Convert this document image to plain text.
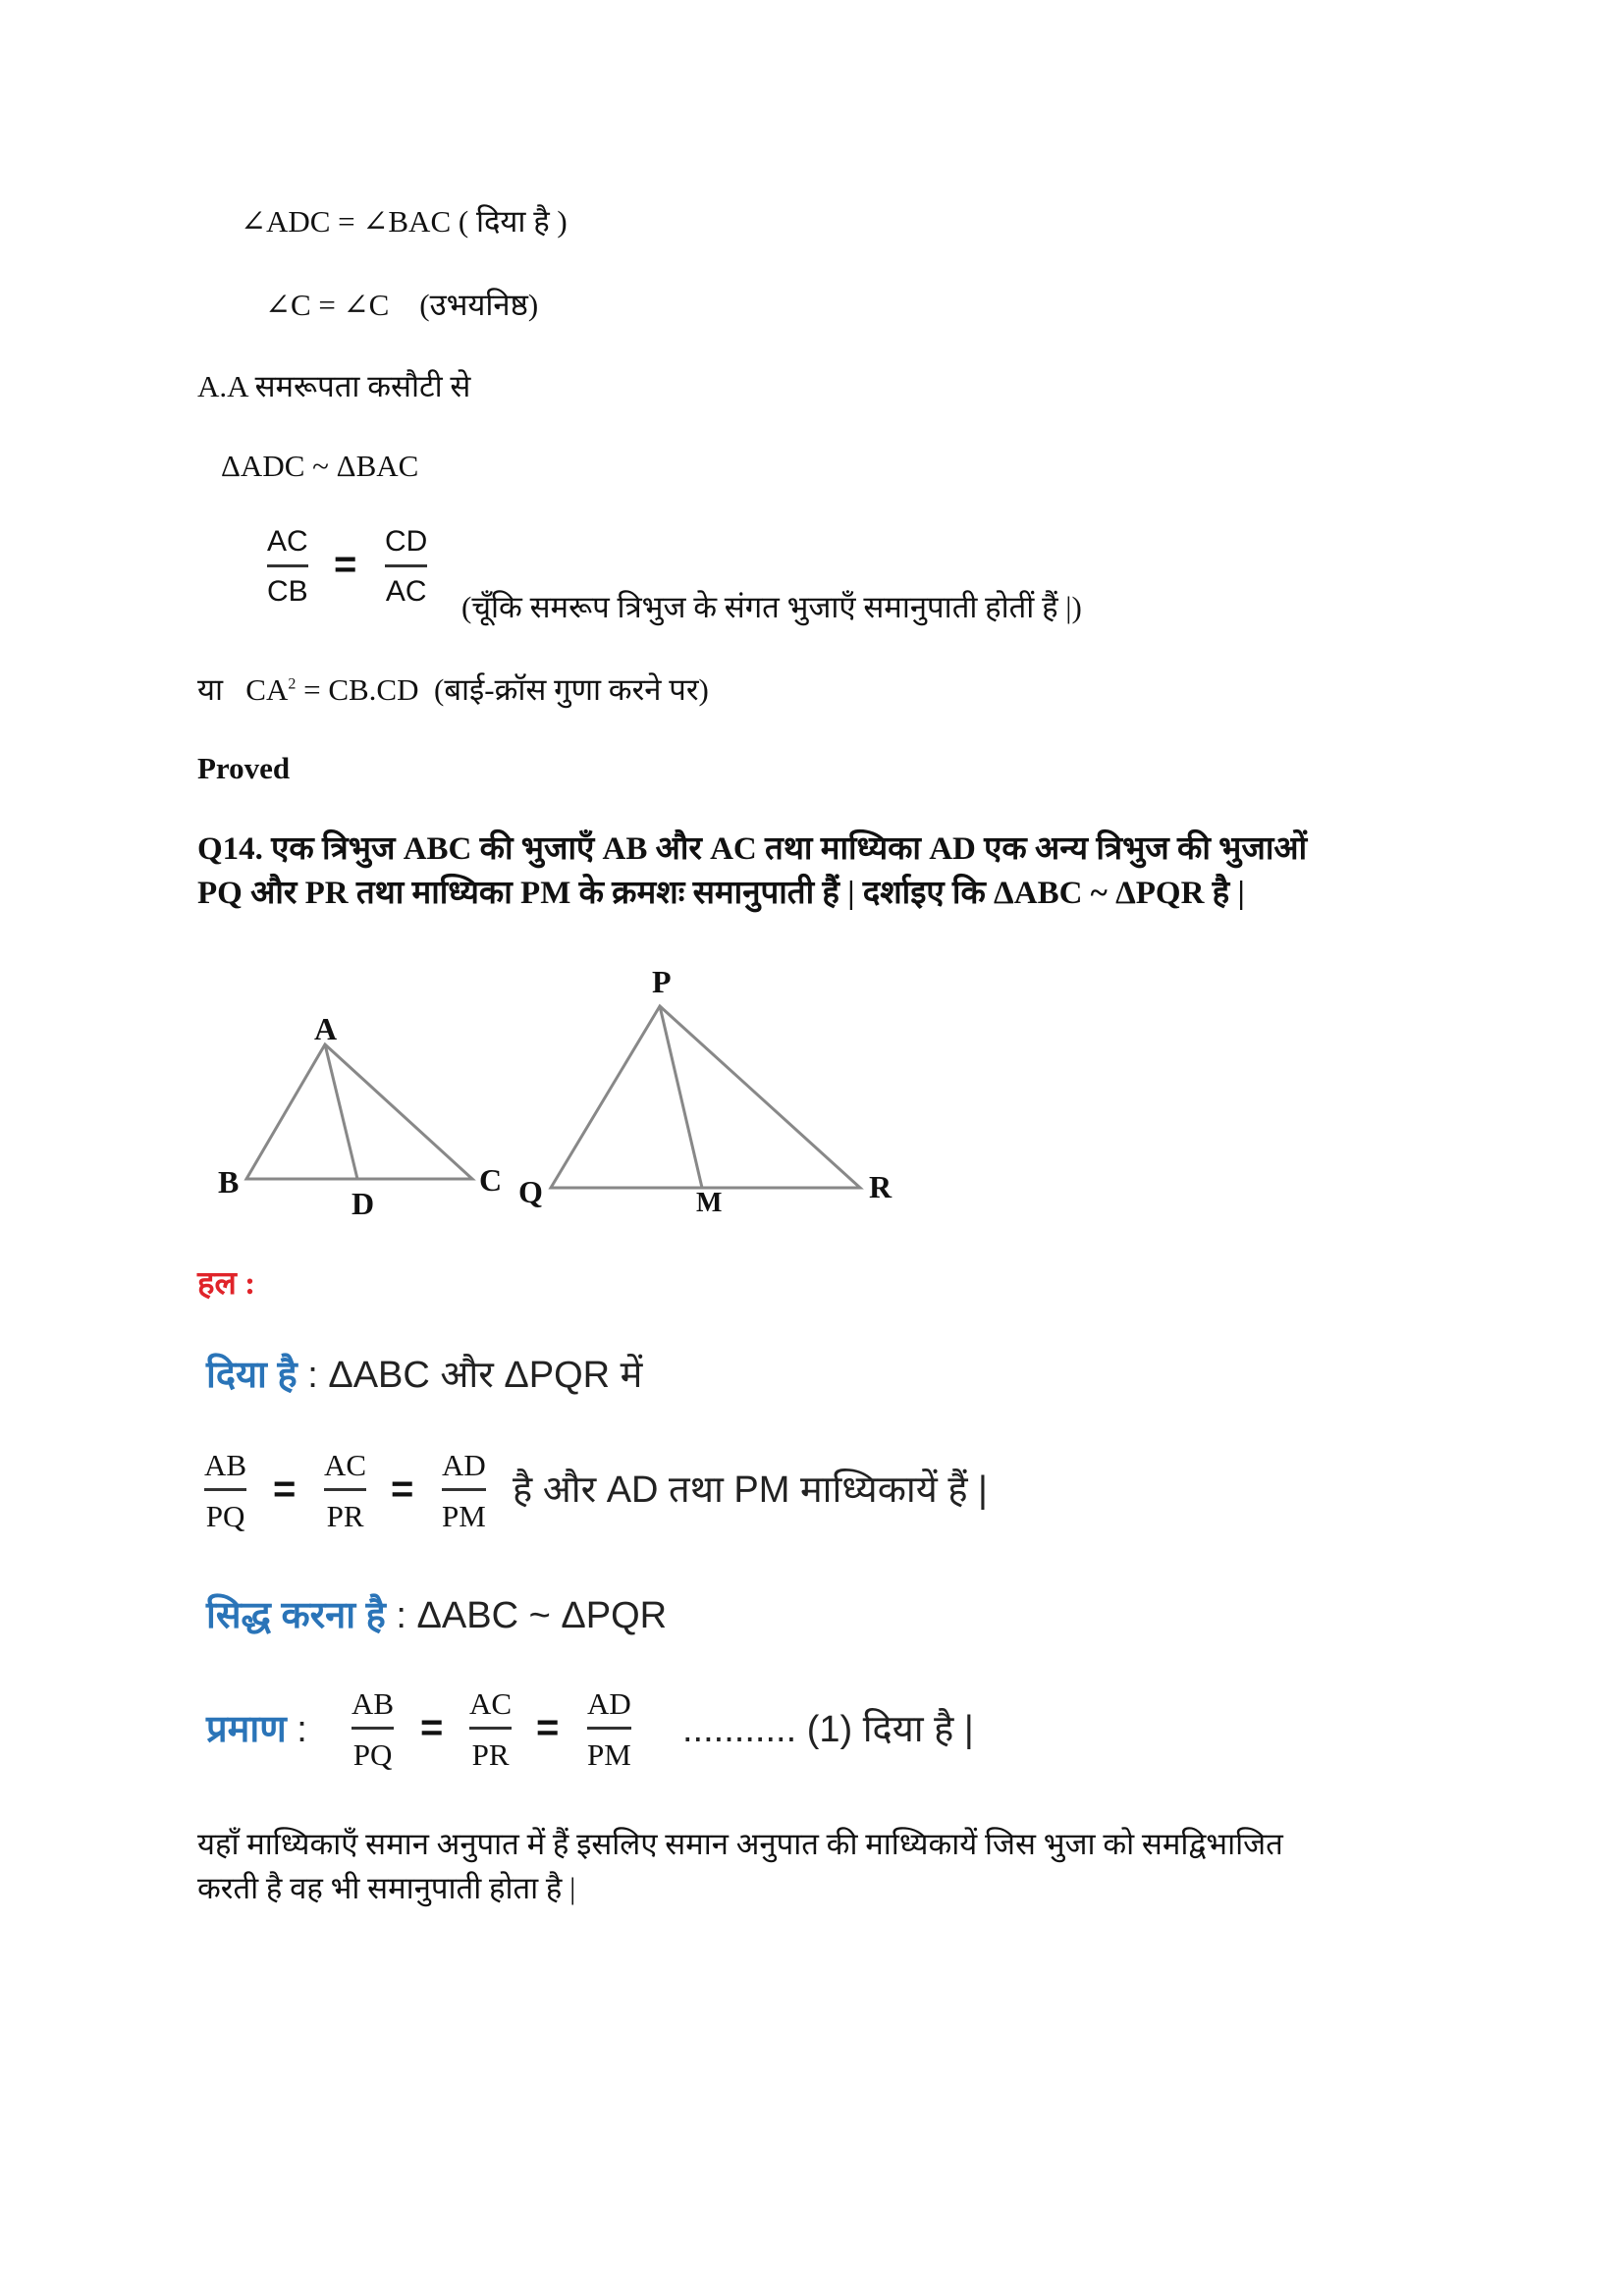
∠ADC = ∠BAC ( दिया है )
∠C = ∠C    (उभयनिष्ठ)
A.A समरूपता कसौटी से
ΔADC ~ ΔBAC
$\frac{AC}{CB} = \frac{CD}{AC}$
(चूँकि समरूप त्रिभुज के संगत भुजाएँ समानुपाती होतीं हैं |)
या $CA^2 = CB.CD$  (बाई-क्रॉस गुणा करने पर)
Proved
Q14. एक त्रिभुज ABC की भुजाएँ AB और AC तथा माध्यिका AD एक अन्य त्रिभुज की भुजाओं
PQ और PR तथा माध्यिका PM के क्रमशः समानुपाती हैं | दर्शाइए कि ΔABC ~ ΔPQR है |
A
B	C
D
P
Q	R
M
हल :
दिया है : ΔABC और ΔPQR में
$\frac{AB}{PQ} = \frac{AC}{PR} = \frac{AD}{PM}$ है और AD तथा PM माध्यिकायें हैं |
सिद्ध करना है : ΔABC ~ ΔPQR
प्रमाण : $\frac{AB}{PQ} = \frac{AC}{PR} = \frac{AD}{PM}$ ........... (1) दिया है |
यहाँ माध्यिकाएँ समान अनुपात में हैं इसलिए समान अनुपात की माध्यिकायें जिस भुजा को समद्विभाजित
करती है वह भी समानुपाती होता है |
